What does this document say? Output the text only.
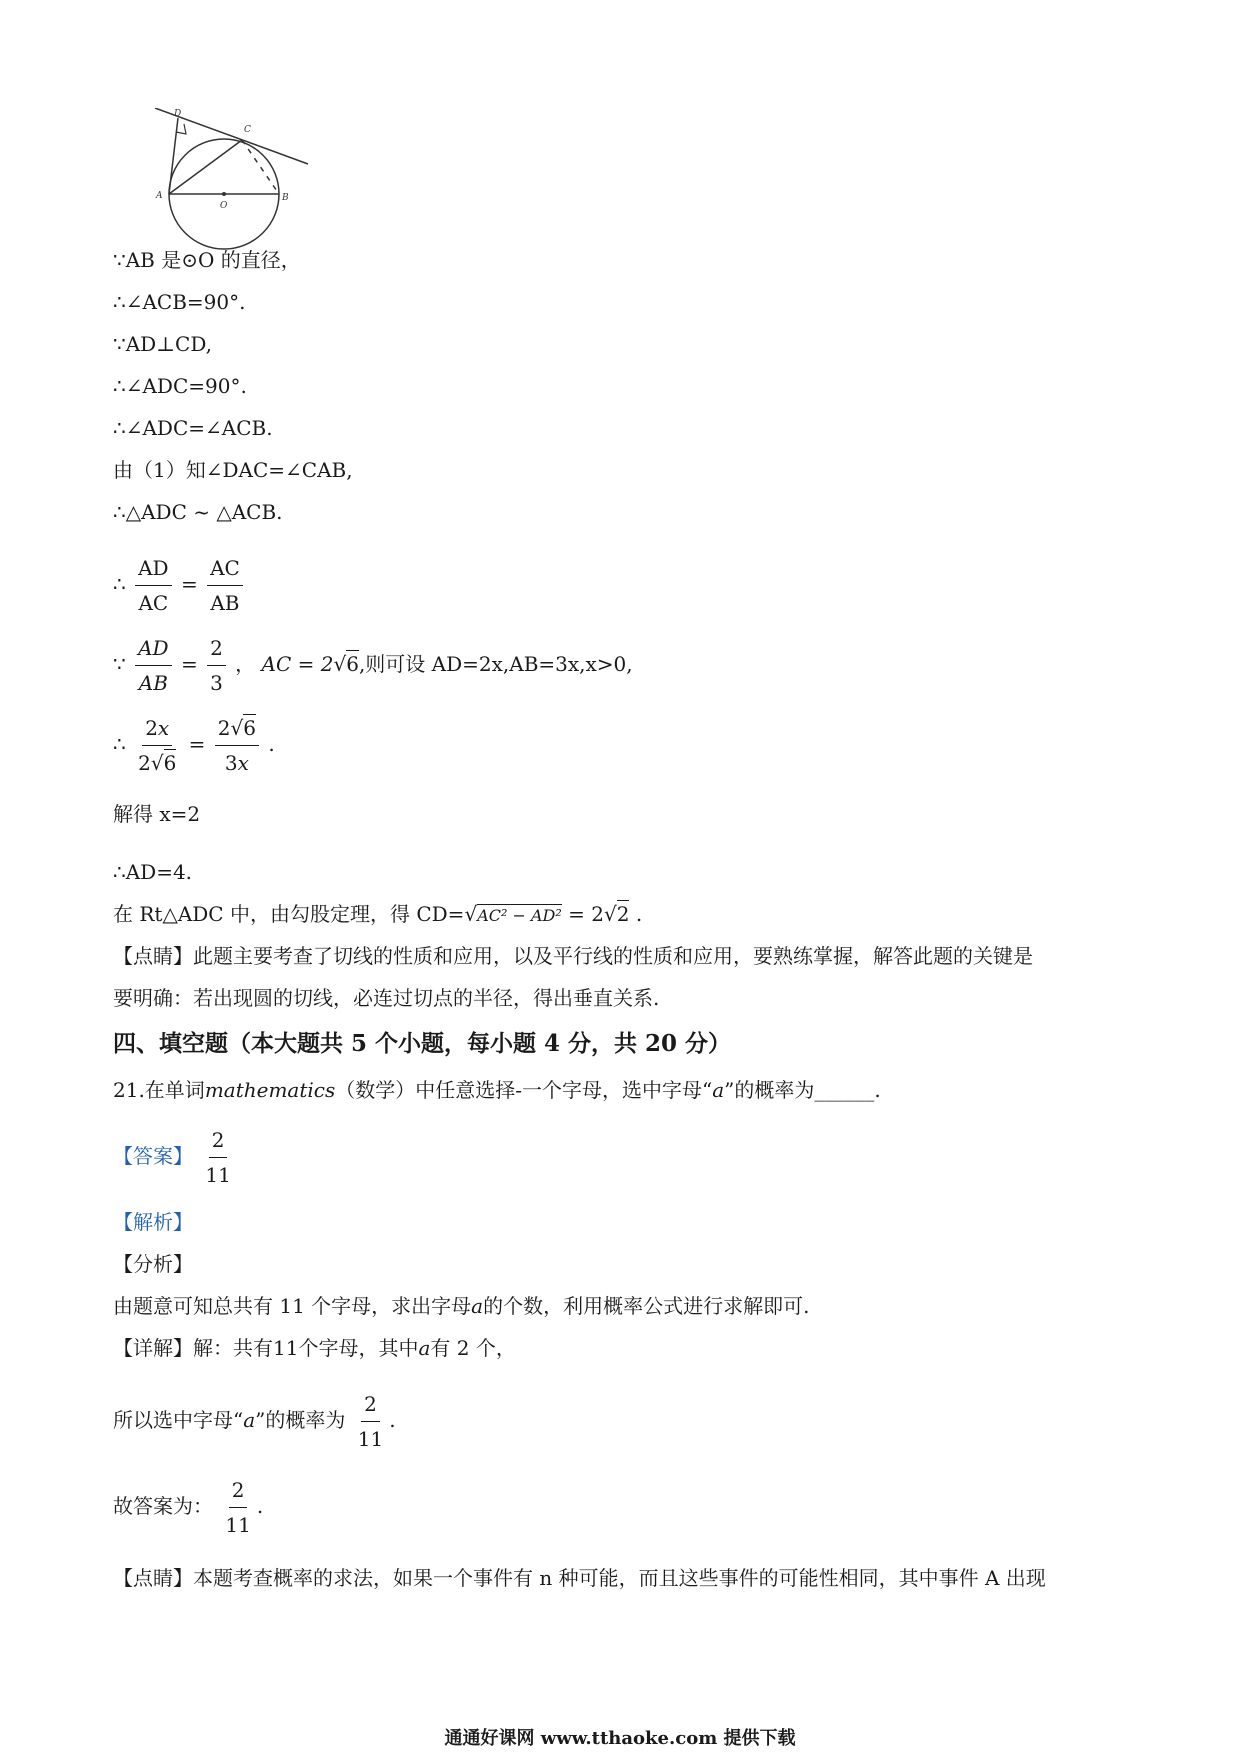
D
C
A
O
B
∵AB 是⊙O 的直径，
∴∠ACB=90°.
∵AD⊥CD,
∴∠ADC=90°.
∴∠ADC=∠ACB.
由（1）知∠DAC=∠CAB,
∴△ADC ~ △ACB.
∴ $\frac{AD}{AC} = \frac{AC}{AB}$
∵ $\frac{AD}{AB} = \frac{2}{3}$ ， AC = 2√6,则可设 AD=2x,AB=3x,x>0,
∴ $\frac{2x}{2√6} = \frac{2√6}{3x}$ .
解得 x=2
∴AD=4.
在 Rt△ADC 中，由勾股定理，得 CD=√AC² − AD² = 2√2 .
【点睛】此题主要考查了切线的性质和应用，以及平行线的性质和应用，要熟练掌握，解答此题的关键是
要明确：若出现圆的切线，必连过切点的半径，得出垂直关系.
四、填空题（本大题共 5 个小题，每小题 4 分，共 20 分）
21.在单词mathematics（数学）中任意选择-一个字母，选中字母“a”的概率为______.
【答案】 $\frac{2}{11}$
【解析】
【分析】
由题意可知总共有 11 个字母，求出字母a的个数，利用概率公式进行求解即可.
【详解】解：共有11个字母，其中a有 2 个，
所以选中字母“a”的概率为 $\frac{2}{11}$ .
故答案为： $\frac{2}{11}$ .
【点睛】本题考查概率的求法，如果一个事件有 n 种可能，而且这些事件的可能性相同，其中事件 A 出现
通通好课网 www.tthaoke.com 提供下载
